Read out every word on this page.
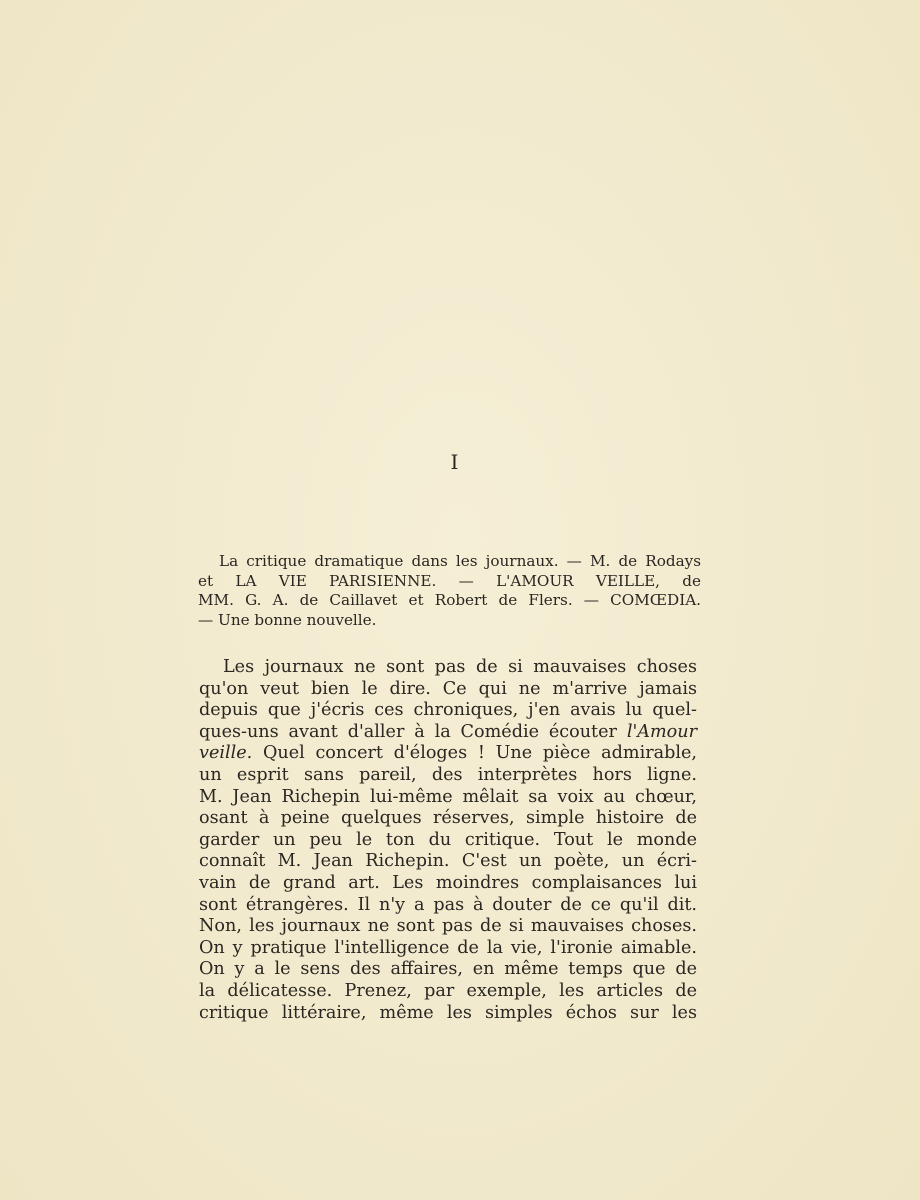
I
La critique dramatique dans les journaux. — M. de Rodays
et LA VIE PARISIENNE. — L'AMOUR VEILLE, de
MM. G. A. de Caillavet et Robert de Flers. — COMŒDIA.
— Une bonne nouvelle.
Les journaux ne sont pas de si mauvaises choses
qu'on veut bien le dire. Ce qui ne m'arrive jamais
depuis que j'écris ces chroniques, j'en avais lu quel-
ques-uns avant d'aller à la Comédie écouter l'Amour
veille. Quel concert d'éloges ! Une pièce admirable,
un esprit sans pareil, des interprètes hors ligne.
M. Jean Richepin lui-même mêlait sa voix au chœur,
osant à peine quelques réserves, simple histoire de
garder un peu le ton du critique. Tout le monde
connaît M. Jean Richepin. C'est un poète, un écri-
vain de grand art. Les moindres complaisances lui
sont étrangères. Il n'y a pas à douter de ce qu'il dit.
Non, les journaux ne sont pas de si mauvaises choses.
On y pratique l'intelligence de la vie, l'ironie aimable.
On y a le sens des affaires, en même temps que de
la délicatesse. Prenez, par exemple, les articles de
critique littéraire, même les simples échos sur les
